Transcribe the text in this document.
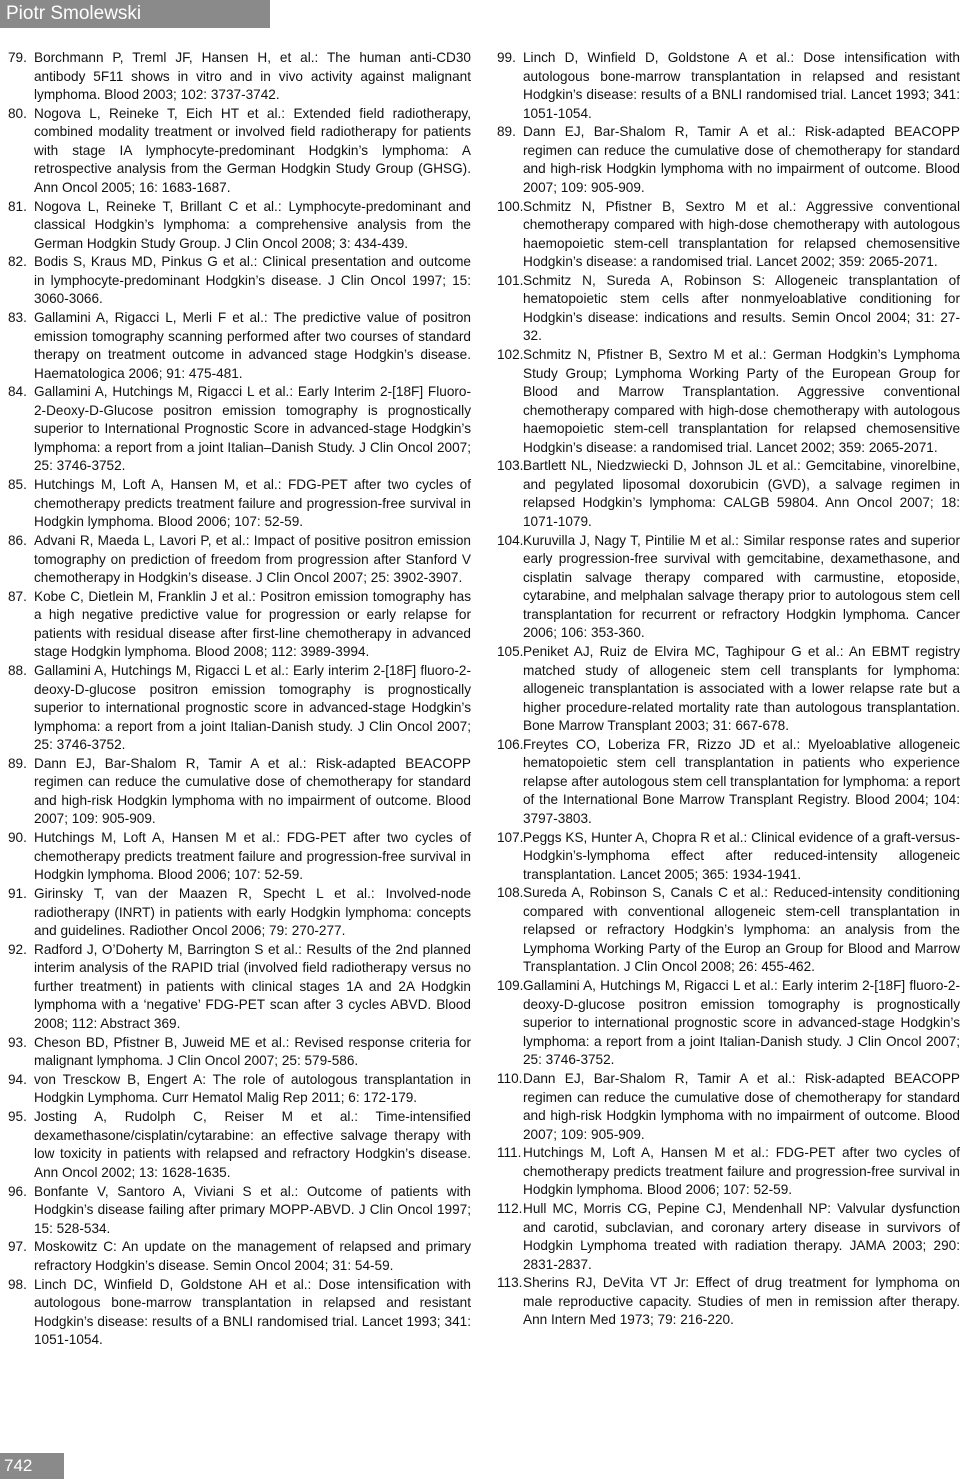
Piotr Smolewski
79. Borchmann P, Treml JF, Hansen H, et al.: The human anti-CD30 antibody 5F11 shows in vitro and in vivo activity against malignant lymphoma. Blood 2003; 102: 3737-3742.
80. Nogova L, Reineke T, Eich HT et al.: Extended field radiotherapy, combined modality treatment or involved field radiotherapy for patients with stage IA lymphocyte-predominant Hodgkin’s lymphoma: A retrospective analysis from the German Hodgkin Study Group (GHSG). Ann Oncol 2005; 16: 1683-1687.
81. Nogova L, Reineke T, Brillant C et al.: Lymphocyte-predominant and classical Hodgkin’s lymphoma: a comprehensive analysis from the German Hodgkin Study Group. J Clin Oncol 2008; 3: 434-439.
82. Bodis S, Kraus MD, Pinkus G et al.: Clinical presentation and outcome in lymphocyte-predominant Hodgkin’s disease. J Clin Oncol 1997; 15: 3060-3066.
83. Gallamini A, Rigacci L, Merli F et al.: The predictive value of positron emission tomography scanning performed after two courses of standard therapy on treatment outcome in advanced stage Hodgkin’s disease. Haematologica 2006; 91: 475-481.
84. Gallamini A, Hutchings M, Rigacci L et al.: Early Interim 2-[18F] Fluoro-2-Deoxy-D-Glucose positron emission tomography is prognostically superior to International Prognostic Score in advanced-stage Hodgkin’s lymphoma: a report from a joint Italian–Danish Study. J Clin Oncol 2007; 25: 3746-3752.
85. Hutchings M, Loft A, Hansen M, et al.: FDG-PET after two cycles of chemotherapy predicts treatment failure and progression-free survival in Hodgkin lymphoma. Blood 2006; 107: 52-59.
86. Advani R, Maeda L, Lavori P, et al.: Impact of positive positron emission tomography on prediction of freedom from progression after Stanford V chemotherapy in Hodgkin’s disease. J Clin Oncol 2007; 25: 3902-3907.
87. Kobe C, Dietlein M, Franklin J et al.: Positron emission tomography has a high negative predictive value for progression or early relapse for patients with residual disease after first-line chemotherapy in advanced stage Hodgkin lymphoma. Blood 2008; 112: 3989-3994.
88. Gallamini A, Hutchings M, Rigacci L et al.: Early interim 2-[18F] fluoro-2-deoxy-D-glucose positron emission tomography is prognostically superior to international prognostic score in advanced-stage Hodgkin’s lymphoma: a report from a joint Italian-Danish study. J Clin Oncol 2007; 25: 3746-3752.
89. Dann EJ, Bar-Shalom R, Tamir A et al.: Risk-adapted BEACOPP regimen can reduce the cumulative dose of chemotherapy for standard and high-risk Hodgkin lymphoma with no impairment of outcome. Blood 2007; 109: 905-909.
90. Hutchings M, Loft A, Hansen M et al.: FDG-PET after two cycles of chemotherapy predicts treatment failure and progression-free survival in Hodgkin lymphoma. Blood 2006; 107: 52-59.
91. Girinsky T, van der Maazen R, Specht L et al.: Involved-node radiotherapy (INRT) in patients with early Hodgkin lymphoma: concepts and guidelines. Radiother Oncol 2006; 79: 270-277.
92. Radford J, O’Doherty M, Barrington S et al.: Results of the 2nd planned interim analysis of the RAPID trial (involved field radiotherapy versus no further treatment) in patients with clinical stages 1A and 2A Hodgkin lymphoma with a ‘negative’ FDG-PET scan after 3 cycles ABVD. Blood 2008; 112: Abstract 369.
93. Cheson BD, Pfistner B, Juweid ME et al.: Revised response criteria for malignant lymphoma. J Clin Oncol 2007; 25: 579-586.
94. von Tresckow B, Engert A: The role of autologous transplantation in Hodgkin Lymphoma. Curr Hematol Malig Rep 2011; 6: 172-179.
95. Josting A, Rudolph C, Reiser M et al.: Time-intensified dexamethasone/cisplatin/cytarabine: an effective salvage therapy with low toxicity in patients with relapsed and refractory Hodgkin’s disease. Ann Oncol 2002; 13: 1628-1635.
96. Bonfante V, Santoro A, Viviani S et al.: Outcome of patients with Hodgkin’s disease failing after primary MOPP-ABVD. J Clin Oncol 1997; 15: 528-534.
97. Moskowitz C: An update on the management of relapsed and primary refractory Hodgkin’s disease. Semin Oncol 2004; 31: 54-59.
98. Linch DC, Winfield D, Goldstone AH et al.: Dose intensification with autologous bone-marrow transplantation in relapsed and resistant Hodgkin’s disease: results of a BNLI randomised trial. Lancet 1993; 341: 1051-1054.
99. Linch D, Winfield D, Goldstone A et al.: Dose intensification with autologous bone-marrow transplantation in relapsed and resistant Hodgkin’s disease: results of a BNLI randomised trial. Lancet 1993; 341: 1051-1054.
89. Dann EJ, Bar-Shalom R, Tamir A et al.: Risk-adapted BEACOPP regimen can reduce the cumulative dose of chemotherapy for standard and high-risk Hodgkin lymphoma with no impairment of outcome. Blood 2007; 109: 905-909.
100. Schmitz N, Pfistner B, Sextro M et al.: Aggressive conventional chemotherapy compared with high-dose chemotherapy with autologous haemopoietic stem-cell transplantation for relapsed chemosensitive Hodgkin’s disease: a randomised trial. Lancet 2002; 359: 2065-2071.
101. Schmitz N, Sureda A, Robinson S: Allogeneic transplantation of hematopoietic stem cells after nonmyeloablative conditioning for Hodgkin’s disease: indications and results. Semin Oncol 2004; 31: 27-32.
102. Schmitz N, Pfistner B, Sextro M et al.: German Hodgkin’s Lymphoma Study Group; Lymphoma Working Party of the European Group for Blood and Marrow Transplantation. Aggressive conventional chemotherapy compared with high-dose chemotherapy with autologous haemopoietic stem-cell transplantation for relapsed chemosensitive Hodgkin’s disease: a randomised trial. Lancet 2002; 359: 2065-2071.
103. Bartlett NL, Niedzwiecki D, Johnson JL et al.: Gemcitabine, vinorelbine, and pegylated liposomal doxorubicin (GVD), a salvage regimen in relapsed Hodgkin’s lymphoma: CALGB 59804. Ann Oncol 2007; 18: 1071-1079.
104. Kuruvilla J, Nagy T, Pintilie M et al.: Similar response rates and superior early progression-free survival with gemcitabine, dexamethasone, and cisplatin salvage therapy compared with carmustine, etoposide, cytarabine, and melphalan salvage therapy prior to autologous stem cell transplantation for recurrent or refractory Hodgkin lymphoma. Cancer 2006; 106: 353-360.
105. Peniket AJ, Ruiz de Elvira MC, Taghipour G et al.: An EBMT registry matched study of allogeneic stem cell transplants for lymphoma: allogeneic transplantation is associated with a lower relapse rate but a higher procedure-related mortality rate than autologous transplantation. Bone Marrow Transplant 2003; 31: 667-678.
106. Freytes CO, Loberiza FR, Rizzo JD et al.: Myeloablative allogeneic hematopoietic stem cell transplantation in patients who experience relapse after autologous stem cell transplantation for lymphoma: a report of the International Bone Marrow Transplant Registry. Blood 2004; 104: 3797-3803.
107. Peggs KS, Hunter A, Chopra R et al.: Clinical evidence of a graft-versus-Hodgkin’s-lymphoma effect after reduced-intensity allogeneic transplantation. Lancet 2005; 365: 1934-1941.
108. Sureda A, Robinson S, Canals C et al.: Reduced-intensity conditioning compared with conventional allogeneic stem-cell transplantation in relapsed or refractory Hodgkin’s lymphoma: an analysis from the Lymphoma Working Party of the Europ an Group for Blood and Marrow Transplantation. J Clin Oncol 2008; 26: 455-462.
109. Gallamini A, Hutchings M, Rigacci L et al.: Early interim 2-[18F] fluoro-2-deoxy-D-glucose positron emission tomography is prognostically superior to international prognostic score in advanced-stage Hodgkin’s lymphoma: a report from a joint Italian-Danish study. J Clin Oncol 2007; 25: 3746-3752.
110. Dann EJ, Bar-Shalom R, Tamir A et al.: Risk-adapted BEACOPP regimen can reduce the cumulative dose of chemotherapy for standard and high-risk Hodgkin lymphoma with no impairment of outcome. Blood 2007; 109: 905-909.
111. Hutchings M, Loft A, Hansen M et al.: FDG-PET after two cycles of chemotherapy predicts treatment failure and progression-free survival in Hodgkin lymphoma. Blood 2006; 107: 52-59.
112. Hull MC, Morris CG, Pepine CJ, Mendenhall NP: Valvular dysfunction and carotid, subclavian, and coronary artery disease in survivors of Hodgkin Lymphoma treated with radiation therapy. JAMA 2003; 290: 2831-2837.
113. Sherins RJ, DeVita VT Jr: Effect of drug treatment for lymphoma on male reproductive capacity. Studies of men in remission after therapy. Ann Intern Med 1973; 79: 216-220.
742
